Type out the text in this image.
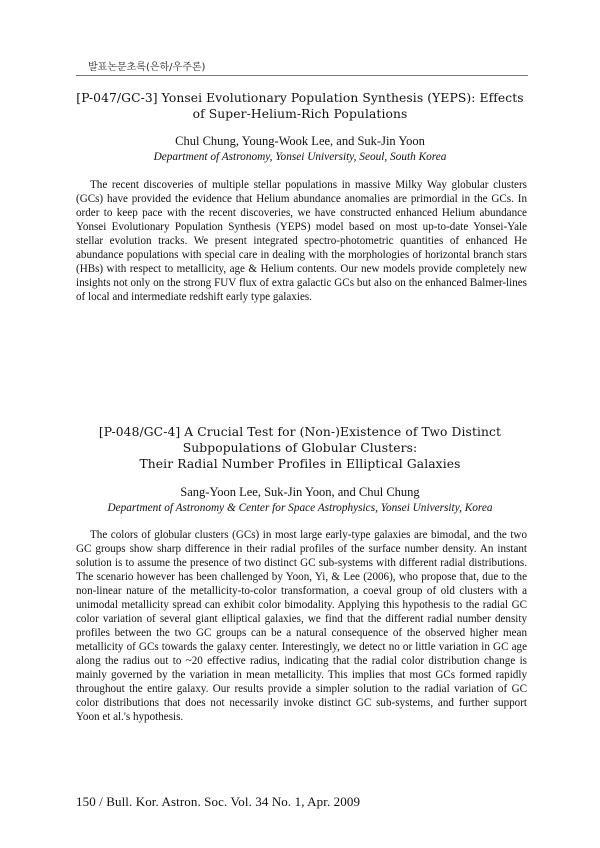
발표논문초록(은하/우주론)
[P-047/GC-3] Yonsei Evolutionary Population Synthesis (YEPS): Effects
of Super-Helium-Rich Populations
Chul Chung, Young-Wook Lee, and Suk-Jin Yoon
Department of Astronomy, Yonsei University, Seoul, South Korea

The recent discoveries of multiple stellar populations in massive Milky Way globular clusters (GCs) have provided the evidence that Helium abundance anomalies are primordial in the GCs. In order to keep pace with the recent discoveries, we have constructed enhanced Helium abundance Yonsei Evolutionary Population Synthesis (YEPS) model based on most up-to-date Yonsei-Yale stellar evolution tracks. We present integrated spectro-photometric quantities of enhanced He abundance populations with special care in dealing with the morphologies of horizontal branch stars (HBs) with respect to metallicity, age & Helium contents. Our new models provide completely new insights not only on the strong FUV flux of extra galactic GCs but also on the enhanced Balmer-lines of local and intermediate redshift early type galaxies.

[P-048/GC-4] A Crucial Test for (Non-)Existence of Two Distinct
Subpopulations of Globular Clusters:
Their Radial Number Profiles in Elliptical Galaxies
Sang-Yoon Lee, Suk-Jin Yoon, and Chul Chung
Department of Astronomy & Center for Space Astrophysics, Yonsei University, Korea

The colors of globular clusters (GCs) in most large early-type galaxies are bimodal, and the two GC groups show sharp difference in their radial profiles of the surface number density. An instant solution is to assume the presence of two distinct GC sub-systems with different radial distributions. The scenario however has been challenged by Yoon, Yi, & Lee (2006), who propose that, due to the non-linear nature of the metallicity-to-color transformation, a coeval group of old clusters with a unimodal metallicity spread can exhibit color bimodality. Applying this hypothesis to the radial GC color variation of several giant elliptical galaxies, we find that the different radial number density profiles between the two GC groups can be a natural consequence of the observed higher mean metallicity of GCs towards the galaxy center. Interestingly, we detect no or little variation in GC age along the radius out to ~20 effective radius, indicating that the radial color distribution change is mainly governed by the variation in mean metallicity. This implies that most GCs formed rapidly throughout the entire galaxy. Our results provide a simpler solution to the radial variation of GC color distributions that does not necessarily invoke distinct GC sub-systems, and further support Yoon et al.'s hypothesis.

150 / Bull. Kor. Astron. Soc. Vol. 34 No. 1, Apr. 2009
